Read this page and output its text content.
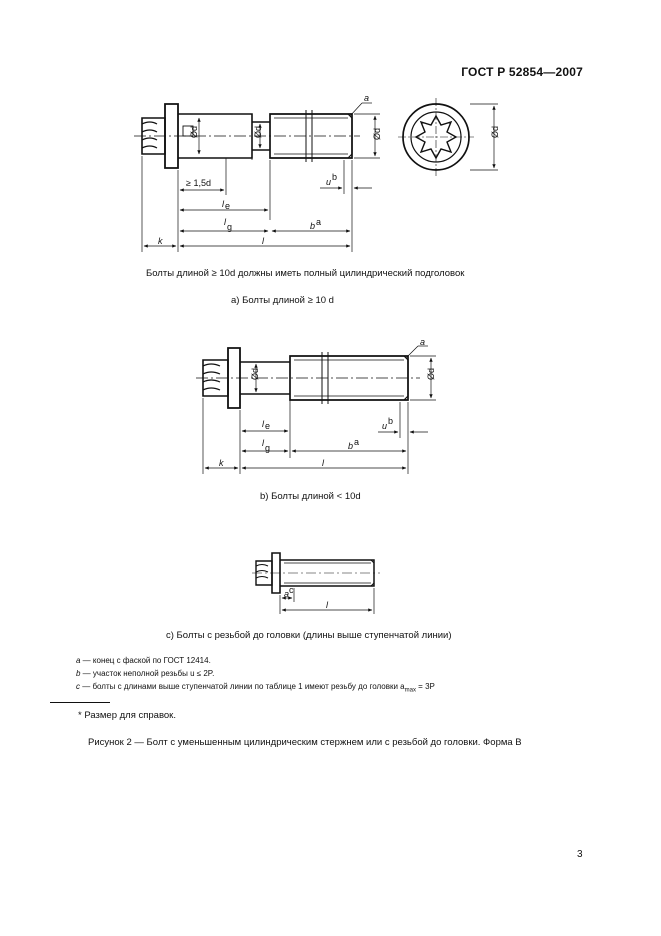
ГОСТ Р 52854—2007
a
Ød
Ød
Ød	Ød
≥ 1,5d
l e
l g	b a
k	l
u b
a
Ød
Ød
l e
l g	b a
k	l
u b
a c
l
Болты длиной ≥ 10d должны иметь полный цилиндрический подголовок
а) Болты длиной ≥ 10 d
b) Болты длиной < 10d
с) Болты с резьбой до головки (длины выше ступенчатой линии)
a — конец с фаской по ГОСТ 12414.
b — участок неполной резьбы u ≤ 2P.
c — болты с длинами выше ступенчатой линии по таблице 1 имеют резьбу до головки $a_{max} = 3P$
* Размер для справок.
Рисунок 2 — Болт с уменьшенным цилиндрическим стержнем или с резьбой до головки. Форма В
3
